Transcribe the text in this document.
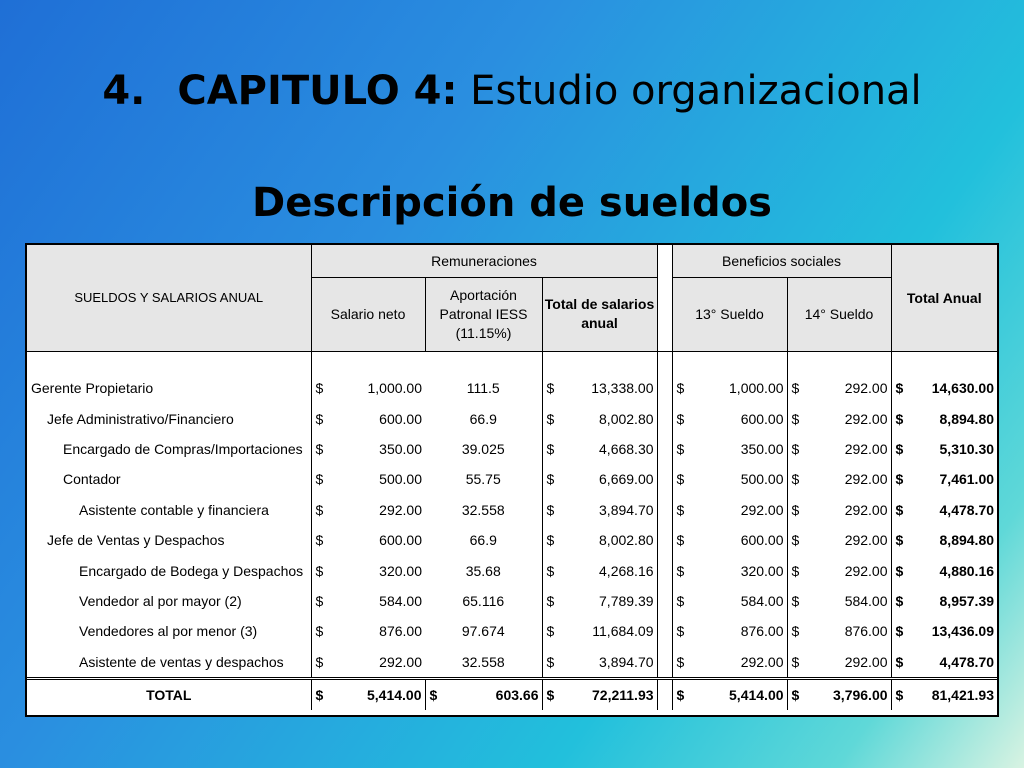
4. CAPITULO 4: Estudio organizacional
Descripción de sueldos
SUELDOS Y SALARIOS ANUAL	Remuneraciones				Beneficios sociales		Total Anual
	Salario neto	Aportación Patronal IESS (11.15%)	Total de salarios anual		13° Sueldo	14° Sueldo	

Gerente Propietario	$ 1,000.00	111.5	$ 13,338.00		$ 1,000.00	$ 292.00	$ 14,630.00

Jefe Administrativo/Financiero	$ 600.00	66.9	$ 8,002.80		$ 600.00	$ 292.00	$ 8,894.80

Encargado de Compras/Importaciones	$ 350.00	39.025	$ 4,668.30		$ 350.00	$ 292.00	$ 5,310.30

Contador	$ 500.00	55.75	$ 6,669.00		$ 500.00	$ 292.00	$ 7,461.00

Asistente contable y financiera	$ 292.00	32.558	$ 3,894.70		$ 292.00	$ 292.00	$ 4,478.70

Jefe de Ventas y Despachos	$ 600.00	66.9	$ 8,002.80		$ 600.00	$ 292.00	$ 8,894.80

Encargado de Bodega y Despachos	$ 320.00	35.68	$ 4,268.16		$ 320.00	$ 292.00	$ 4,880.16

Vendedor al por mayor (2)	$ 584.00	65.116	$ 7,789.39		$ 584.00	$ 584.00	$ 8,957.39

Vendedores al por menor (3)	$ 876.00	97.674	$ 11,684.09		$ 876.00	$ 876.00	$ 13,436.09

Asistente de ventas y despachos	$ 292.00	32.558	$ 3,894.70		$ 292.00	$ 292.00	$ 4,478.70

TOTAL	$ 5,414.00	$ 603.66	$ 72,211.93		$ 5,414.00	$ 3,796.00	$ 81,421.93
